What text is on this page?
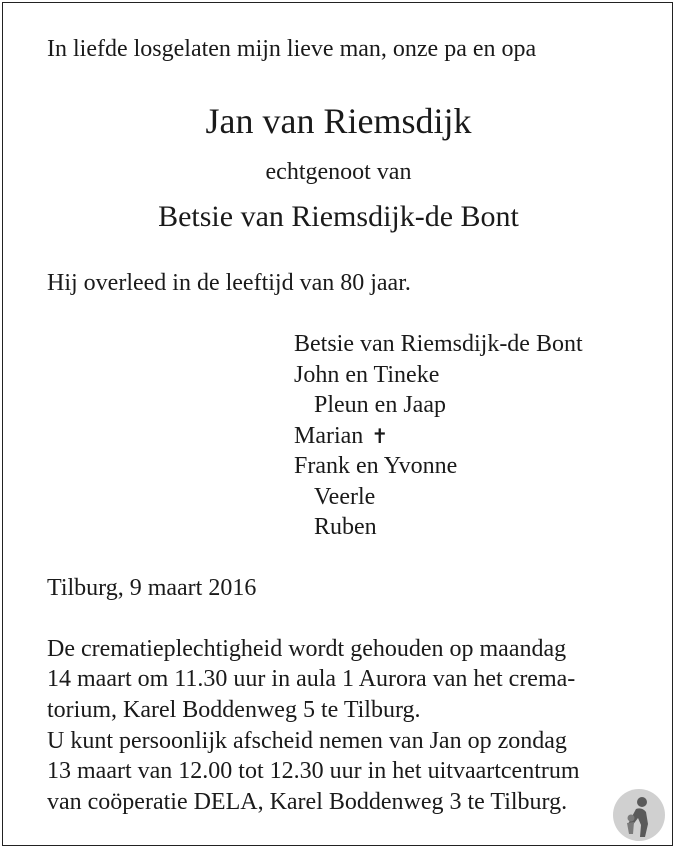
In liefde losgelaten mijn lieve man, onze pa en opa
Jan van Riemsdijk
echtgenoot van
Betsie van Riemsdijk-de Bont
Hij overleed in de leeftijd van 80 jaar.
Betsie van Riemsdijk-de Bont
John en Tineke
Pleun en Jaap
Marian ✝
Frank en Yvonne
Veerle
Ruben
Tilburg, 9 maart 2016
De crematieplechtigheid wordt gehouden op maandag
14 maart om 11.30 uur in aula 1 Aurora van het crema-
torium, Karel Boddenweg 5 te Tilburg.
U kunt persoonlijk afscheid nemen van Jan op zondag
13 maart van 12.00 tot 12.30 uur in het uitvaartcentrum
van coöperatie DELA, Karel Boddenweg 3 te Tilburg.
